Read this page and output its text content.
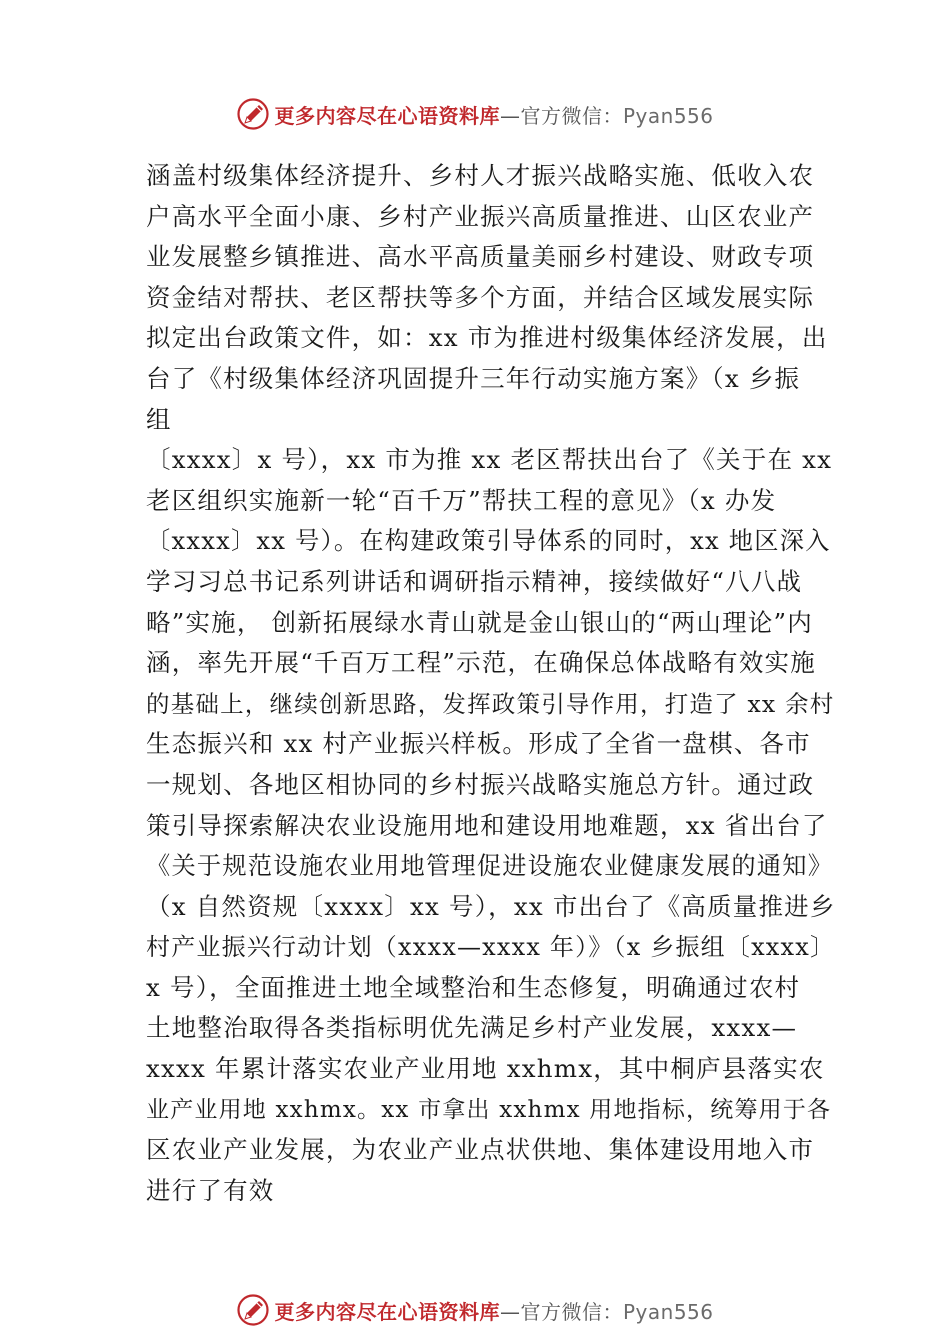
更多内容尽在心语资料库—官方微信：Pyan556
涵盖村级集体经济提升、乡村人才振兴战略实施、低收入农
户高水平全面小康、乡村产业振兴高质量推进、山区农业产
业发展整乡镇推进、高水平高质量美丽乡村建设、财政专项
资金结对帮扶、老区帮扶等多个方面，并结合区域发展实际
拟定出台政策文件，如：xx 市为推进村级集体经济发展，出
台了《村级集体经济巩固提升三年行动实施方案》（x 乡振
组
〔xxxx〕x 号），xx 市为推 xx 老区帮扶出台了《关于在 xx
老区组织实施新一轮“百千万”帮扶工程的意见》（x 办发
〔xxxx〕xx 号）。在构建政策引导体系的同时，xx 地区深入
学习习总书记系列讲话和调研指示精神，接续做好“八八战
略”实施， 创新拓展绿水青山就是金山银山的“两山理论”内
涵，率先开展“千百万工程”示范，在确保总体战略有效实施
的基础上，继续创新思路，发挥政策引导作用，打造了 xx 余村
生态振兴和 xx 村产业振兴样板。形成了全省一盘棋、各市
一规划、各地区相协同的乡村振兴战略实施总方针。通过政
策引导探索解决农业设施用地和建设用地难题，xx 省出台了
《关于规范设施农业用地管理促进设施农业健康发展的通知》
（x 自然资规〔xxxx〕xx 号），xx 市出台了《高质量推进乡
村产业振兴行动计划（xxxx—xxxx 年）》（x 乡振组〔xxxx〕
x 号），全面推进土地全域整治和生态修复，明确通过农村
土地整治取得各类指标明优先满足乡村产业发展，xxxx—
xxxx 年累计落实农业产业用地 xxhmx，其中桐庐县落实农
业产业用地 xxhmx。xx 市拿出 xxhmx 用地指标，统筹用于各
区农业产业发展，为农业产业点状供地、集体建设用地入市
进行了有效
更多内容尽在心语资料库—官方微信：Pyan556
